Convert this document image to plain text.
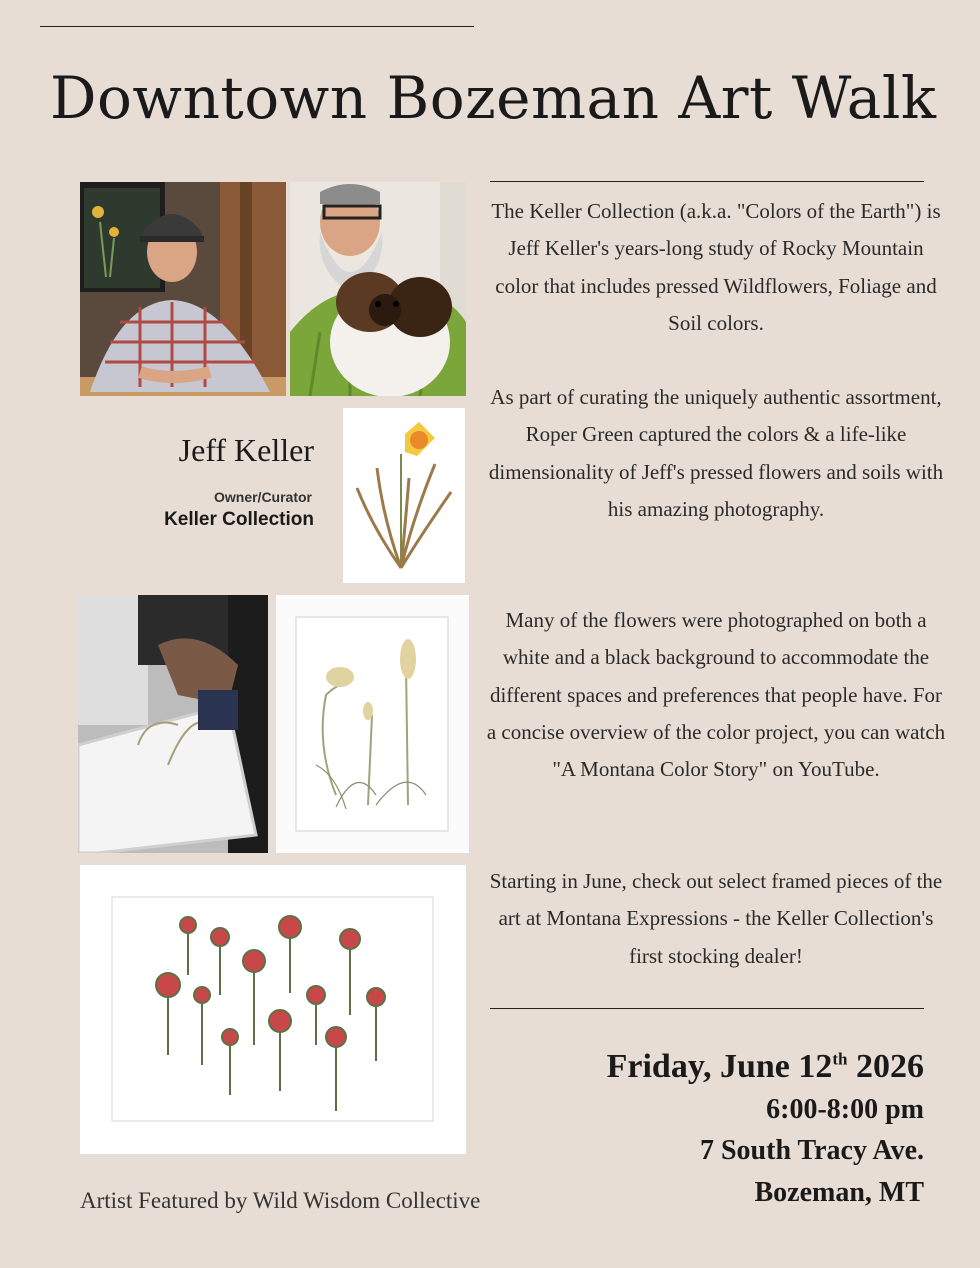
Downtown Bozeman Art Walk
Jeff Keller
Owner/Curator
Keller Collection

The Keller Collection (a.k.a. "Colors of the Earth") is Jeff Keller's years-long study of Rocky Mountain color that includes pressed Wildflowers, Foliage and Soil colors.

As part of curating the uniquely authentic assortment, Roper Green captured the colors & a life-like dimensionality of Jeff's pressed flowers and soils with his amazing photography.

Many of the flowers were photographed on both a white and a black background to accommodate the different spaces and preferences that people have. For a concise overview of the color project, you can watch "A Montana Color Story" on YouTube.

Starting in June, check out select framed pieces of the art at Montana Expressions - the Keller Collection's first stocking dealer!

Friday, June 12th 2026
6:00-8:00 pm
7 South Tracy Ave.
Bozeman, MT
Artist Featured by Wild Wisdom Collective
